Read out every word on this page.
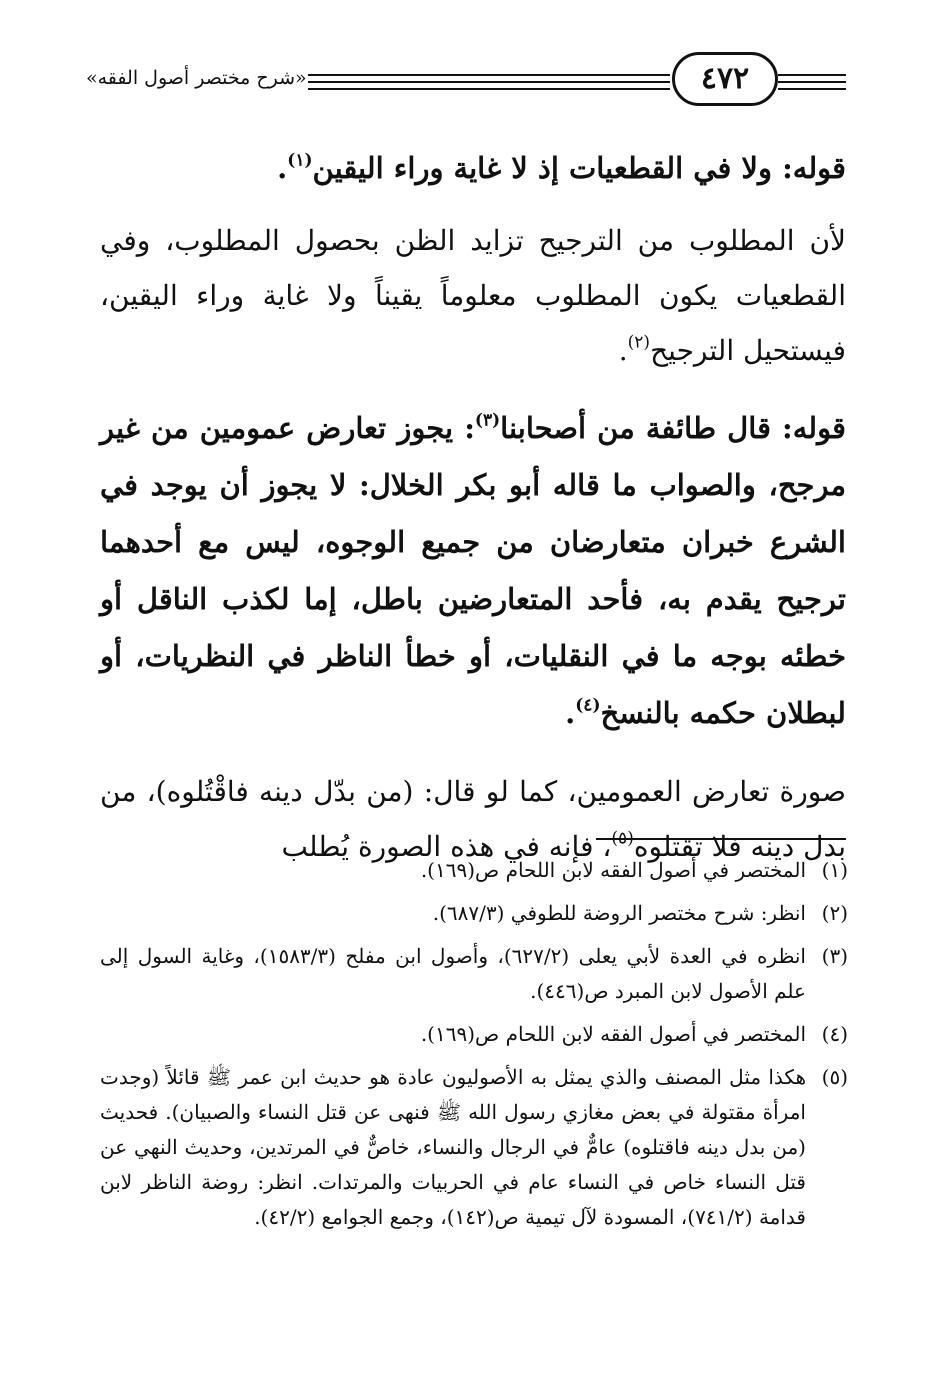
٤٧٢
«شرح مختصر أصول الفقه»

قوله: ولا في القطعيات إذ لا غاية وراء اليقين$^{(١)}$.

لأن المطلوب من الترجيح تزايد الظن بحصول المطلوب، وفي القطعيات يكون المطلوب معلوماً يقيناً ولا غاية وراء اليقين، فيستحيل الترجيح$^{(٢)}$.

قوله: قال طائفة من أصحابنا$^{(٣)}$: يجوز تعارض عمومين من غير مرجح، والصواب ما قاله أبو بكر الخلال: لا يجوز أن يوجد في الشرع خبران متعارضان من جميع الوجوه، ليس مع أحدهما ترجيح يقدم به، فأحد المتعارضين باطل، إما لكذب الناقل أو خطئه بوجه ما في النقليات، أو خطأ الناظر في النظريات، أو لبطلان حكمه بالنسخ$^{(٤)}$.

صورة تعارض العمومين، كما لو قال: (من بدّل دينه فاقْتُلوه)، من بدل دينه فلا تقتلوه$^{(٥)}$، فإنه في هذه الصورة يُطلب

(١)
المختصر في أصول الفقه لابن اللحام ص(١٦٩).

(٢)
انظر: شرح مختصر الروضة للطوفي (٦٨٧/٣).

(٣)
انظره في العدة لأبي يعلى (٦٢٧/٢)، وأصول ابن مفلح (١٥٨٣/٣)، وغاية السول إلى علم الأصول لابن المبرد ص(٤٤٦).

(٤)
المختصر في أصول الفقه لابن اللحام ص(١٦٩).

(٥)
هكذا مثل المصنف والذي يمثل به الأصوليون عادة هو حديث ابن عمر ﷺ قائلاً (وجدت امرأة مقتولة في بعض مغازي رسول الله ﷺ فنهى عن قتل النساء والصبيان). فحديث (من بدل دينه فاقتلوه) عامٌّ في الرجال والنساء، خاصٌّ في المرتدين، وحديث النهي عن قتل النساء خاص في النساء عام في الحربيات والمرتدات. انظر: روضة الناظر لابن قدامة (٧٤١/٢)، المسودة لآل تيمية ص(١٤٢)، وجمع الجوامع (٤٢/٢).
